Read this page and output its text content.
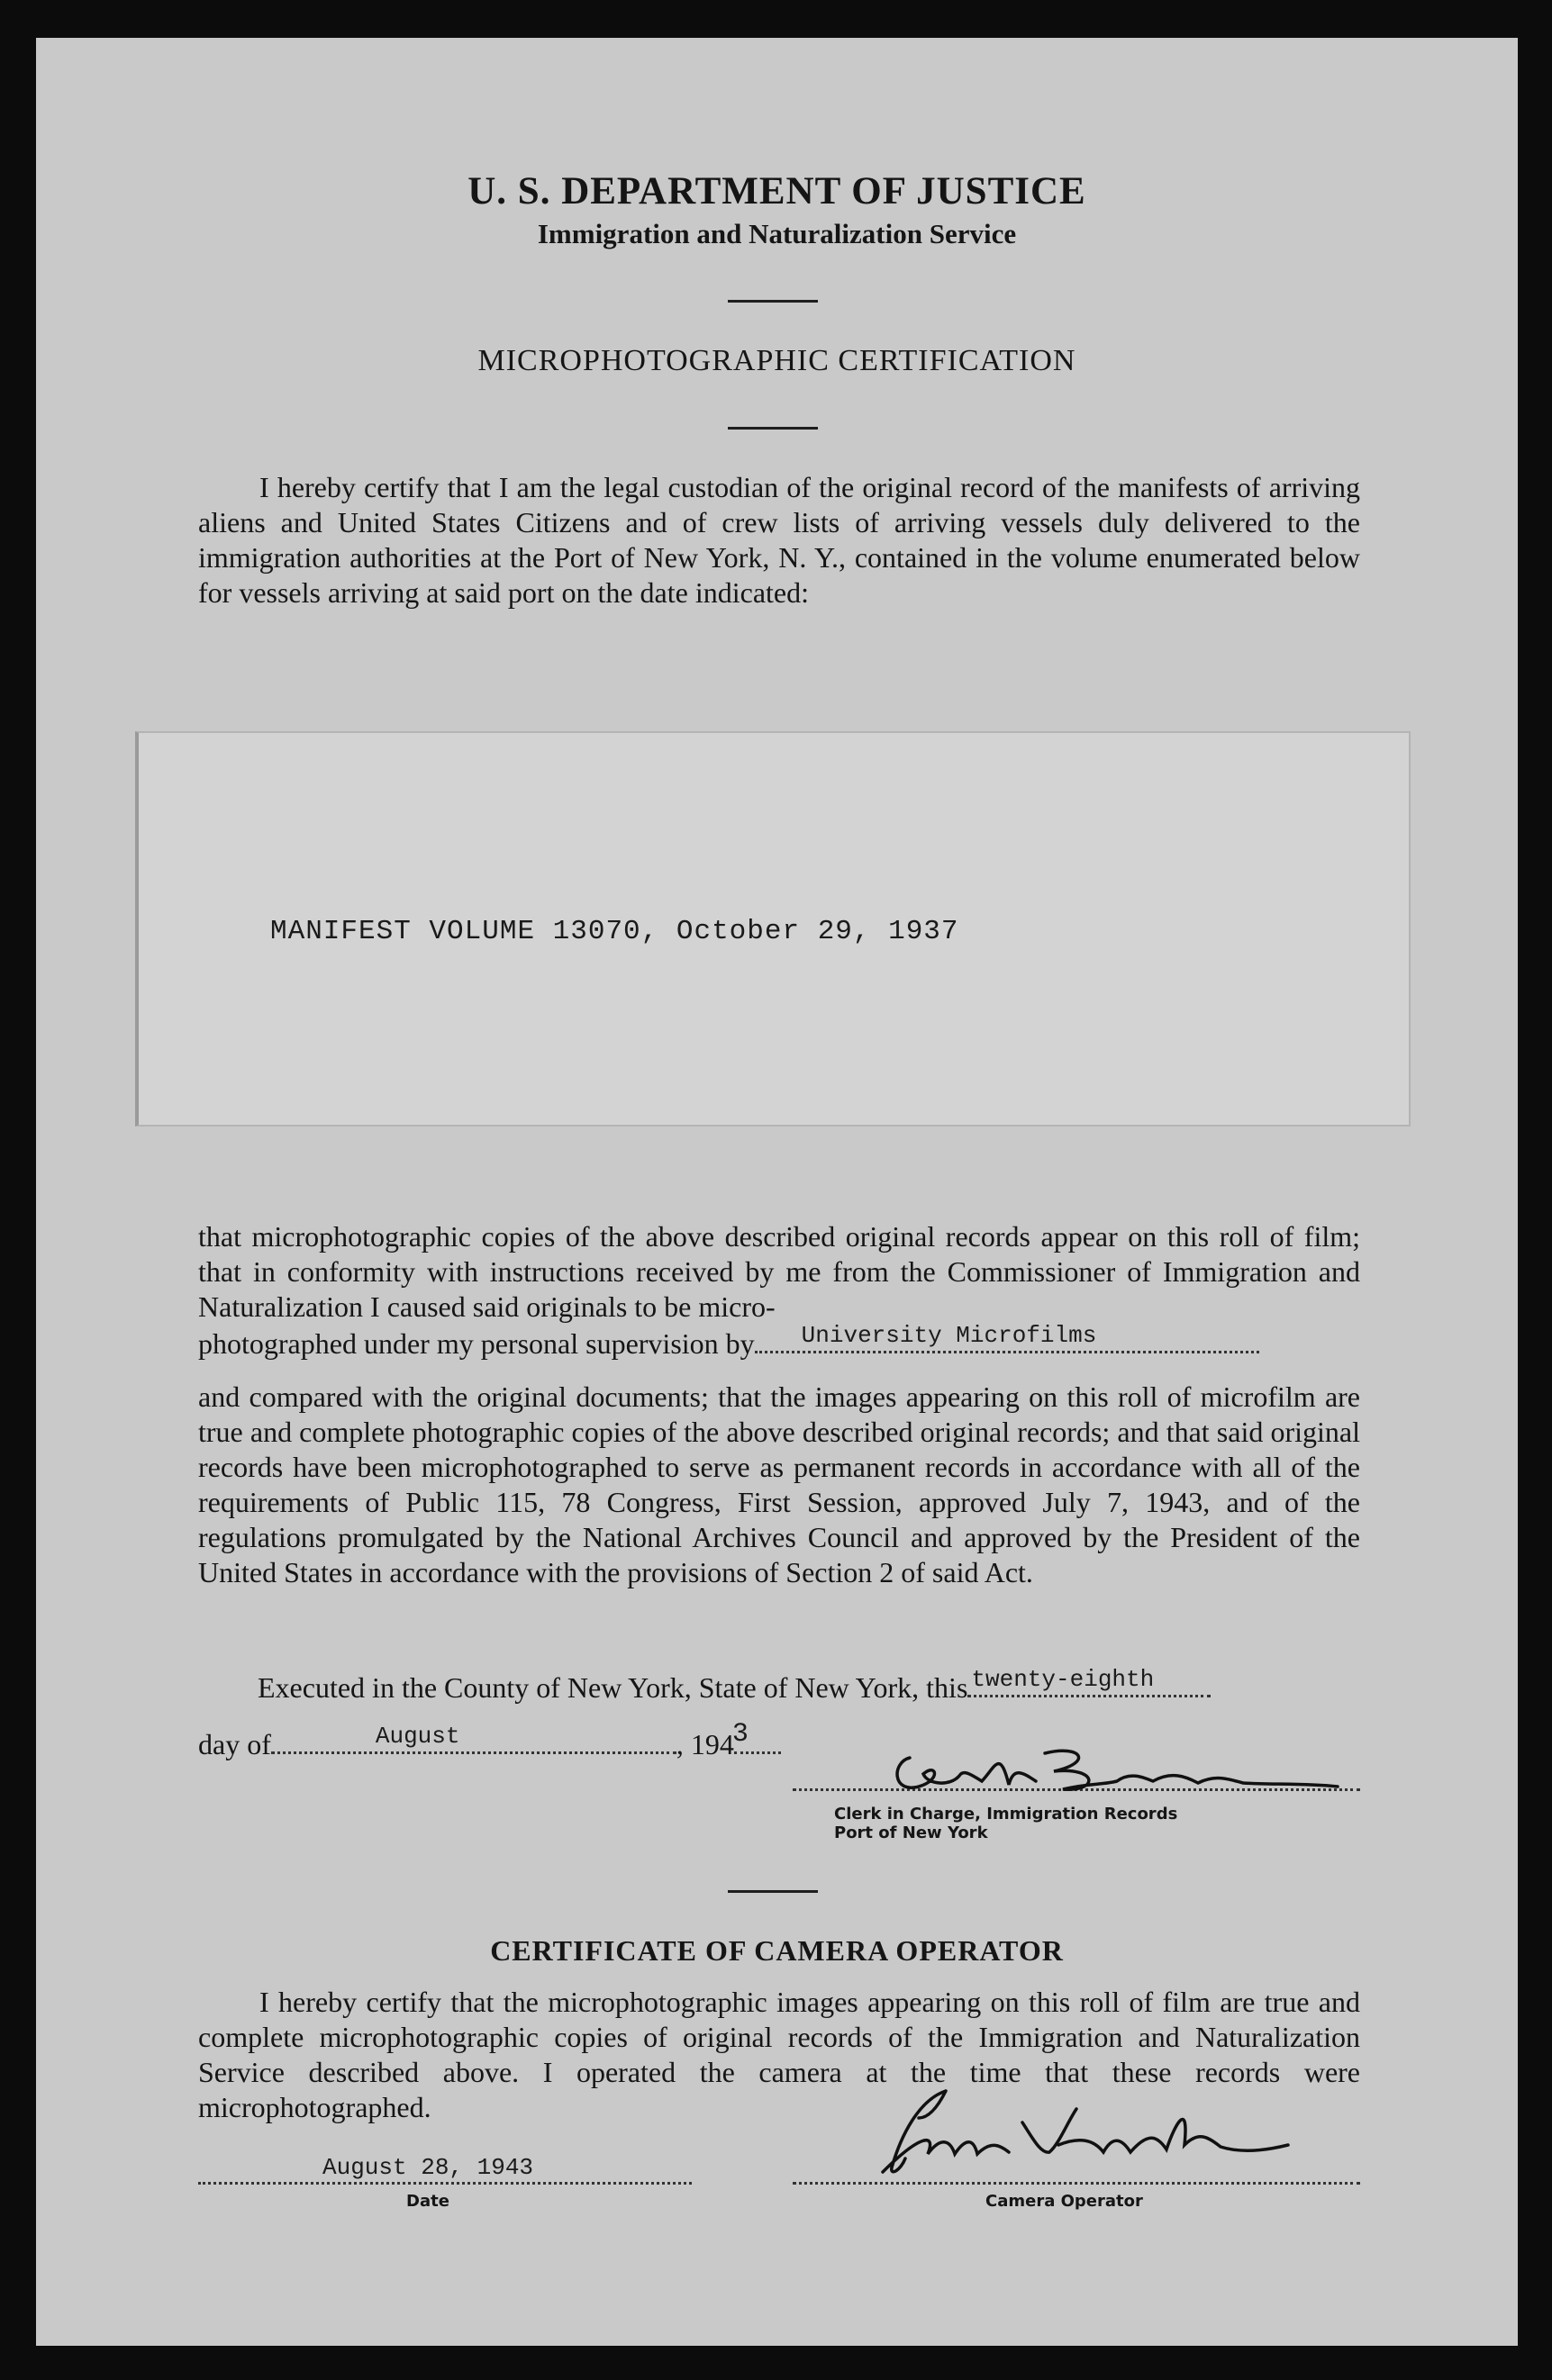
U. S. DEPARTMENT OF JUSTICE
Immigration and Naturalization Service
MICROPHOTOGRAPHIC CERTIFICATION

I hereby certify that I am the legal custodian of the original record of the manifests of arriving aliens and United States Citizens and of crew lists of arriving vessels duly delivered to the immigration authorities at the Port of New York, N. Y., contained in the volume enumerated below for vessels arriving at said port on the date indicated:

MANIFEST VOLUME 13070, October 29, 1937
that microphotographic copies of the above described original records appear on this roll of film; that in conformity with instructions received by me from the Commissioner of Immigration and Naturalization I caused said originals to be micro-
photographed under my personal supervision by University Microfilms
and compared with the original documents; that the images appearing on this roll of microfilm are true and complete photographic copies of the above described original records; and that said original records have been microphotographed to serve as permanent records in accordance with all of the requirements of Public 115, 78 Congress, First Session, approved July 7, 1943, and of the regulations promulgated by the National Archives Council and approved by the President of the United States in accordance with the provisions of Section 2 of said Act.
Executed in the County of New York, State of New York, this twenty-eighth
day of	August	, 194
3
Clerk in Charge, Immigration Records
Port of New York
CERTIFICATE OF CAMERA OPERATOR

I hereby certify that the microphotographic images appearing on this roll of film are true and complete microphotographic copies of original records of the Immigration and Naturalization Service described above. I operated the camera at the time that these records were microphotographed.

August 28, 1943
Date	Camera Operator
